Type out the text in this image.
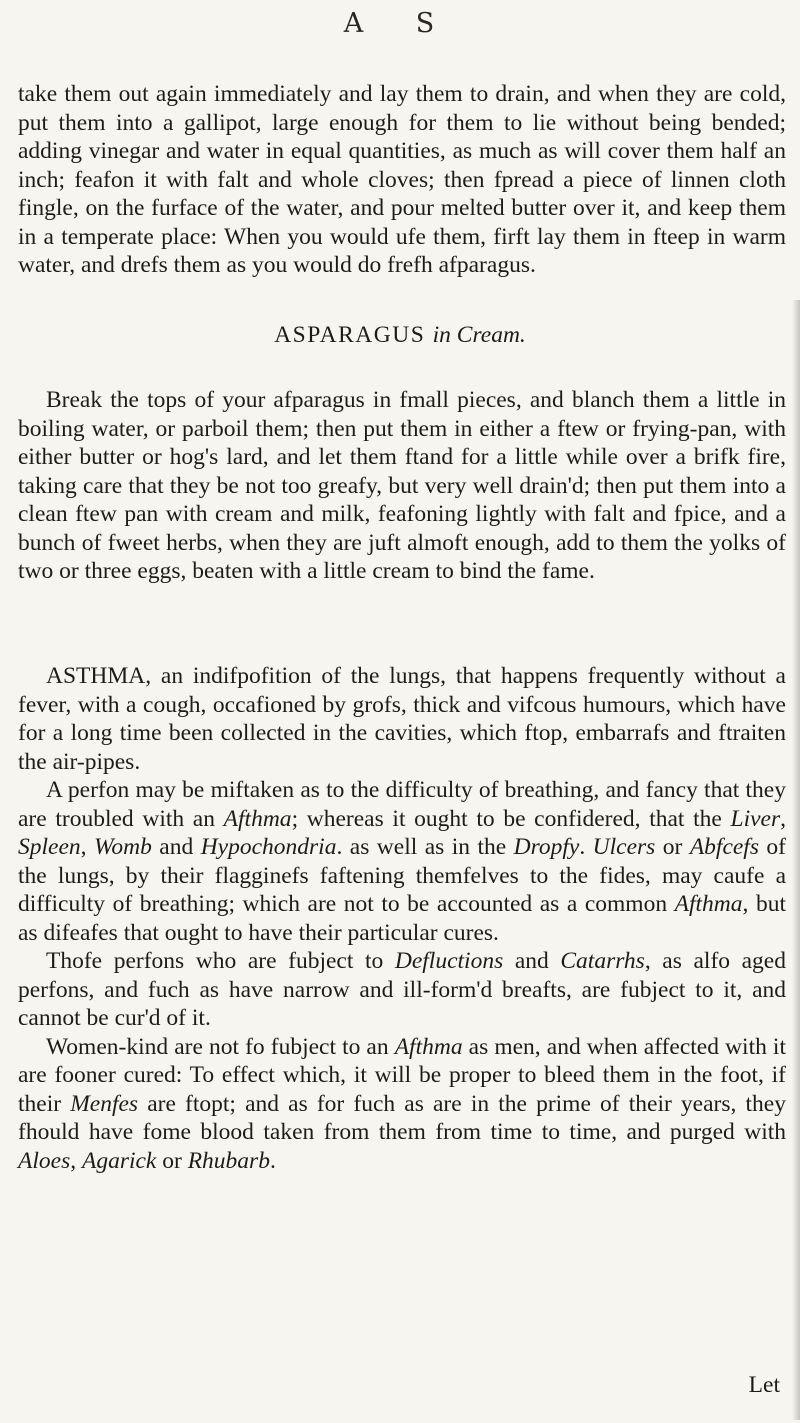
A S

take them out again immediately and lay them to drain, and when they are cold, put them into a gallipot, large enough for them to lie without being bended; adding vinegar and water in equal quantities, as much as will cover them half an inch; feafon it with falt and whole cloves; then fpread a piece of linnen cloth fingle, on the furface of the water, and pour melted butter over it, and keep them in a temperate place: When you would ufe them, firft lay them in fteep in warm water, and drefs them as you would do frefh afparagus.

ASPARAGUS in Cream.

Break the tops of your afparagus in fmall pieces, and blanch them a little in boiling water, or parboil them; then put them in either a ftew or frying-pan, with either butter or hog's lard, and let them ftand for a little while over a brifk fire, taking care that they be not too greafy, but very well drain'd; then put them into a clean ftew pan with cream and milk, feafoning lightly with falt and fpice, and a bunch of fweet herbs, when they are juft almoft enough, add to them the yolks of two or three eggs, beaten with a little cream to bind the fame.

ASTHMA, an indifpofition of the lungs, that happens frequently without a fever, with a cough, occafioned by grofs, thick and vifcous humours, which have for a long time been collected in the cavities, which ftop, embarrafs and ftraiten the air-pipes.

A perfon may be miftaken as to the difficulty of breathing, and fancy that they are troubled with an Afthma; whereas it ought to be confidered, that the Liver, Spleen, Womb and Hypochondria. as well as in the Dropfy. Ulcers or Abfcefs of the lungs, by their flagginefs faftening themfelves to the fides, may caufe a difficulty of breathing; which are not to be accounted as a common Afthma, but as difeafes that ought to have their particular cures.

Thofe perfons who are fubject to Defluctions and Catarrhs, as alfo aged perfons, and fuch as have narrow and ill-form'd breafts, are fubject to it, and cannot be cur'd of it.

Women-kind are not fo fubject to an Afthma as men, and when affected with it are fooner cured: To effect which, it will be proper to bleed them in the foot, if their Menfes are ftopt; and as for fuch as are in the prime of their years, they fhould have fome blood taken from them from time to time, and purged with Aloes, Agarick or Rhubarb.

Let
